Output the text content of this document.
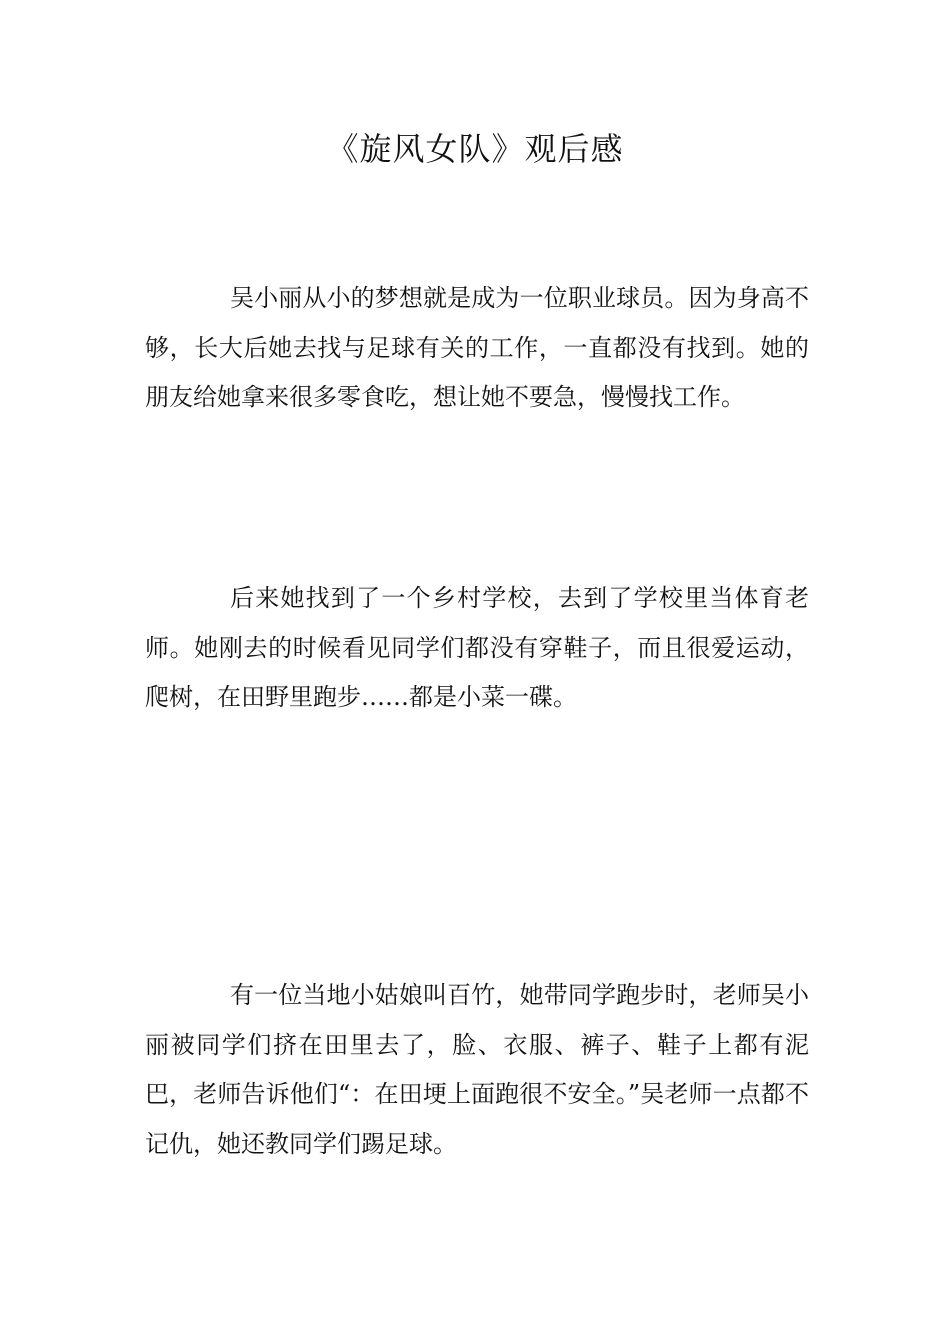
《旋风女队》观后感

吴小丽从小的梦想就是成为一位职业球员。因为身高不够，长大后她去找与足球有关的工作，一直都没有找到。她的朋友给她拿来很多零食吃，想让她不要急，慢慢找工作。

后来她找到了一个乡村学校，去到了学校里当体育老师。她刚去的时候看见同学们都没有穿鞋子，而且很爱运动，爬树，在田野里跑步……都是小菜一碟。

有一位当地小姑娘叫百竹，她带同学跑步时，老师吴小丽被同学们挤在田里去了，脸、衣服、裤子、鞋子上都有泥巴，老师告诉他们“：在田埂上面跑很不安全。”吴老师一点都不记仇，她还教同学们踢足球。
